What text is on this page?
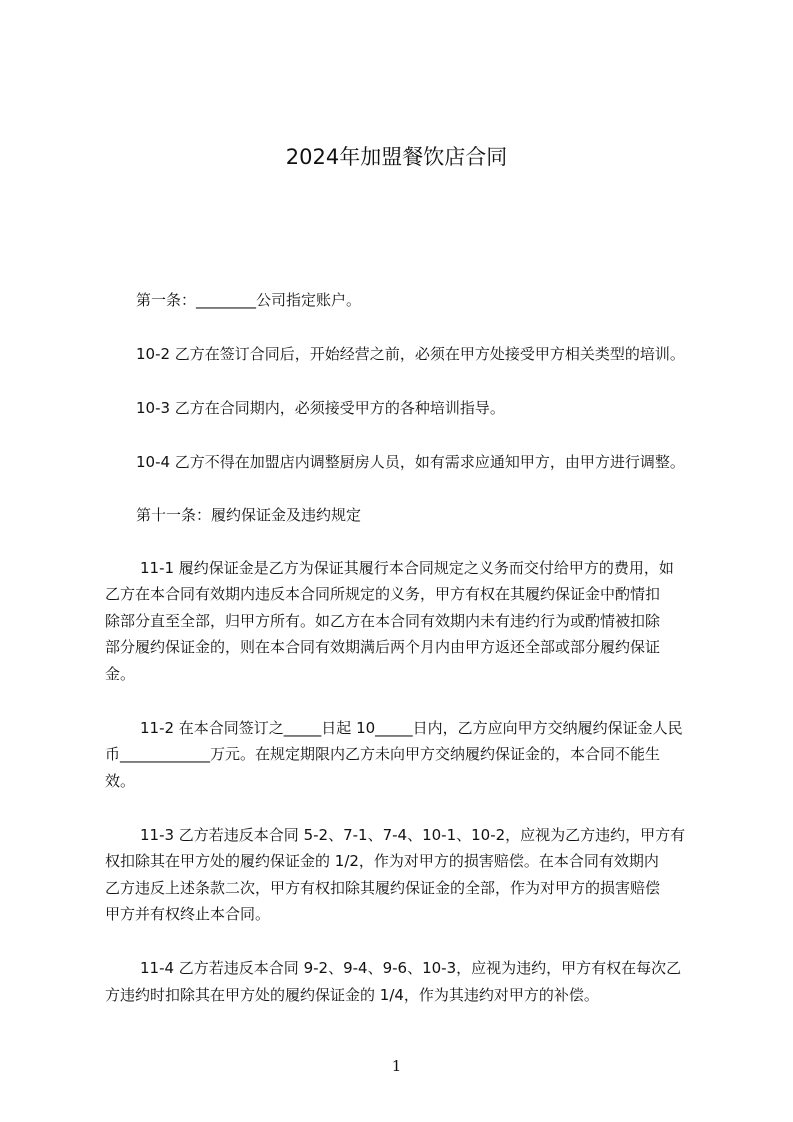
2024年加盟餐饮店合同
第一条：________公司指定账户。
10-2 乙方在签订合同后，开始经营之前，必须在甲方处接受甲方相关类型的培训。
10-3 乙方在合同期内，必须接受甲方的各种培训指导。
10-4 乙方不得在加盟店内调整厨房人员，如有需求应通知甲方，由甲方进行调整。
第十一条：履约保证金及违约规定
11-1 履约保证金是乙方为保证其履行本合同规定之义务而交付给甲方的费用，如
乙方在本合同有效期内违反本合同所规定的义务，甲方有权在其履约保证金中酌情扣
除部分直至全部，归甲方所有。如乙方在本合同有效期内未有违约行为或酌情被扣除
部分履约保证金的，则在本合同有效期满后两个月内由甲方返还全部或部分履约保证
金。
11-2 在本合同签订之_____日起 10_____日内，乙方应向甲方交纳履约保证金人民
币____________万元。在规定期限内乙方未向甲方交纳履约保证金的，本合同不能生
效。
11-3 乙方若违反本合同 5-2、7-1、7-4、10-1、10-2，应视为乙方违约，甲方有
权扣除其在甲方处的履约保证金的 1/2，作为对甲方的损害赔偿。在本合同有效期内
乙方违反上述条款二次，甲方有权扣除其履约保证金的全部，作为对甲方的损害赔偿
甲方并有权终止本合同。
11-4 乙方若违反本合同 9-2、9-4、9-6、10-3，应视为违约，甲方有权在每次乙
方违约时扣除其在甲方处的履约保证金的 1/4，作为其违约对甲方的补偿。
1
